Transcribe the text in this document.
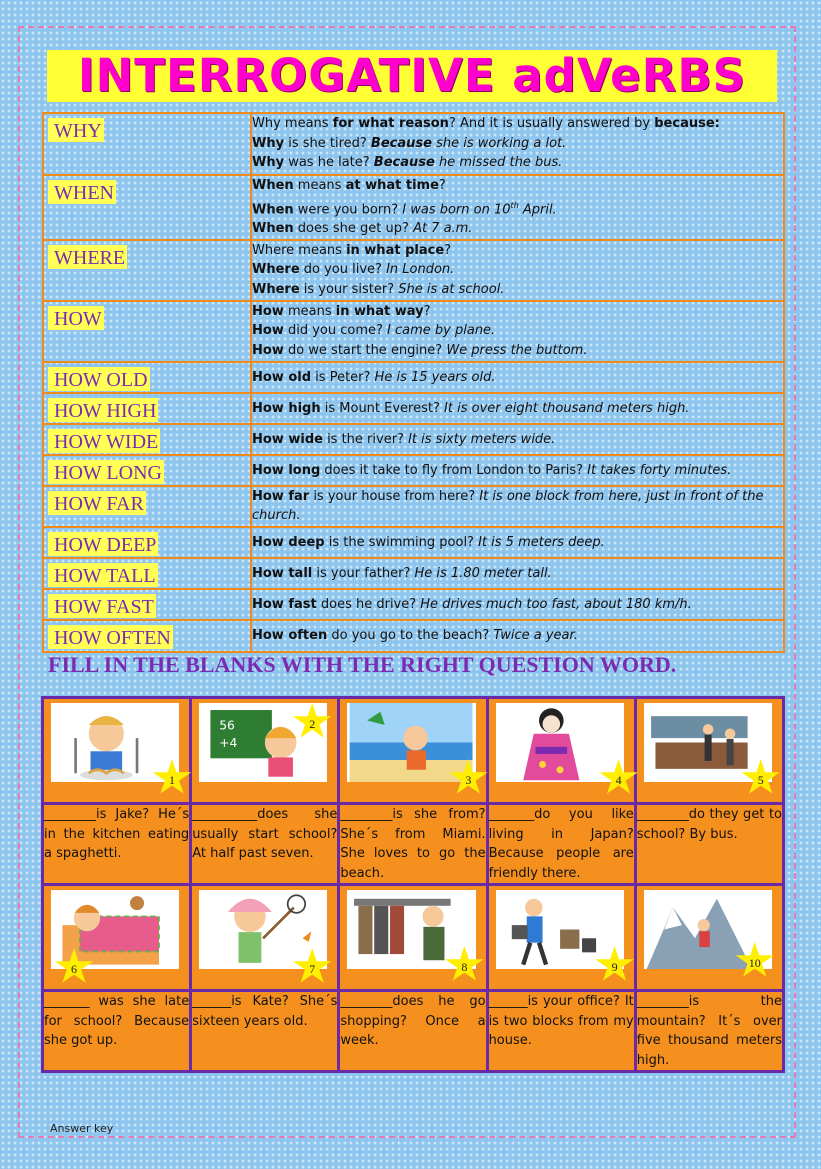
INTERROGATIVE adVeRBS
WHY	Why means for what reason? And it is usually answered by because:
Why is she tired? Because she is working a lot.
Why was he late? Because he missed the bus.

WHEN	When means at what time?
When were you born? I was born on 10th April.
When does she get up? At 7 a.m.

WHERE	Where means in what place?
Where do you live? In London.
Where is your sister? She is at school.

HOW	How means in what way?
How did you come? I came by plane.
How do we start the engine? We press the buttom.

HOW OLD	How old is Peter? He is 15 years old.

HOW HIGH	How high is Mount Everest? It is over eight thousand meters high.

HOW WIDE	How wide is the river? It is sixty meters wide.

HOW LONG	How long does it take to fly from London to Paris? It takes forty minutes.

HOW FAR	How far is your house from here? It is one block from here, just in front of the church.

HOW DEEP	How deep is the swimming pool? It is 5 meters deep.

HOW TALL	How tall is your father? He is 1.80 meter tall.

HOW FAST	How fast does he drive? He drives much too fast, about 180 km/h.

HOW OFTEN	How often do you go to the beach? Twice a year.
FILL IN THE BLANKS WITH THE RIGHT QUESTION WORD.
1	56
+4
2	3	4	5

________is Jake? He´s in the kitchen eating a spaghetti.	__________does she usually start school? At half past seven.	________is she from? She´s from Miami. She loves to go the beach.	_______do you like living in Japan? Because people are friendly there.	________do they get to school? By bus.

6	7	8	9	10

_______ was she late for school? Because she got up.	______is Kate? She´s sixteen years old.	________does he go shopping? Once a week.	______is your office? It is two blocks from my house.	________is the mountain? It´s over five thousand meters high.
Answer key
